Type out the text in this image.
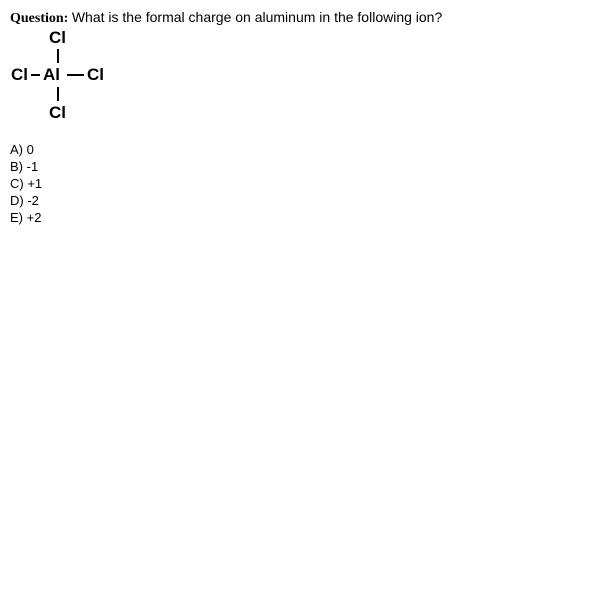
Question: What is the formal charge on aluminum in the following ion?
Cl
Cl Al Cl
Cl
A) 0
B) -1
C) +1
D) -2
E) +2
